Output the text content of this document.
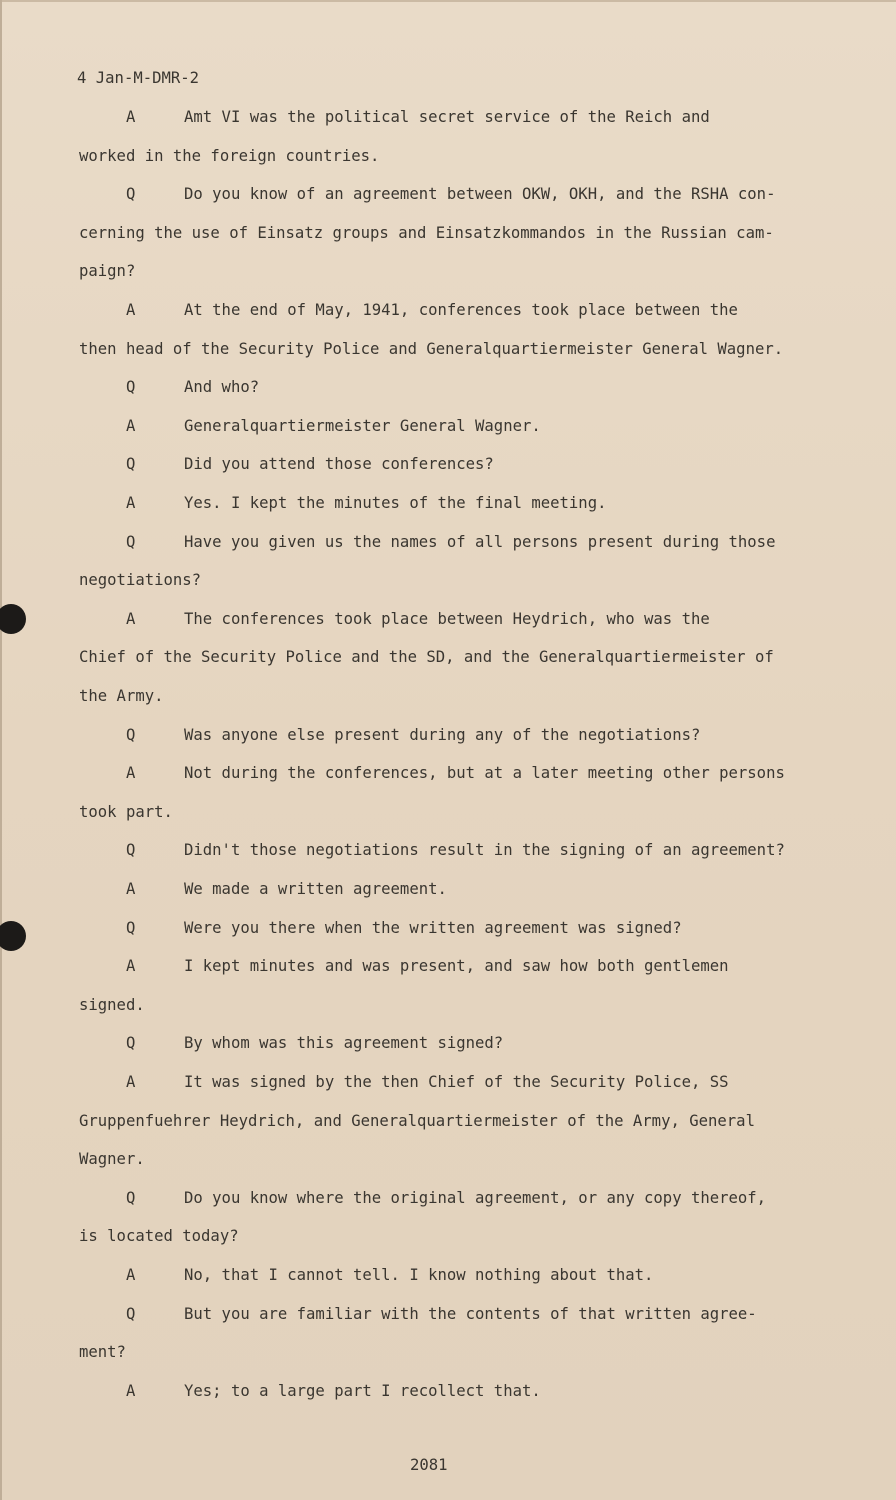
4 Jan-M-DMR-2
A	Amt VI was the political secret service of the Reich and
worked in the foreign countries.
Q	Do you know of an agreement between OKW, OKH, and the RSHA con-
cerning the use of Einsatz groups and Einsatzkommandos in the Russian cam-
paign?
A	At the end of May, 1941, conferences took place between the
then head of the Security Police and Generalquartiermeister General Wagner.
Q	And who?
A	Generalquartiermeister General Wagner.
Q	Did you attend those conferences?
A	Yes. I kept the minutes of the final meeting.
Q	Have you given us the names of all persons present during those
negotiations?
A	The conferences took place between Heydrich, who was the
Chief of the Security Police and the SD, and the Generalquartiermeister of
the Army.
Q	Was anyone else present during any of the negotiations?
A	Not during the conferences, but at a later meeting other persons
took part.
Q	Didn't those negotiations result in the signing of an agreement?
A	We made a written agreement.
Q	Were you there when the written agreement was signed?
A	I kept minutes and was present, and saw how both gentlemen
signed.
Q	By whom was this agreement signed?
A	It was signed by the then Chief of the Security Police, SS
Gruppenfuehrer Heydrich, and Generalquartiermeister of the Army, General
Wagner.
Q	Do you know where the original agreement, or any copy thereof,
is located today?
A	No, that I cannot tell. I know nothing about that.
Q	But you are familiar with the contents of that written agree-
ment?
A	Yes; to a large part I recollect that.
2081
